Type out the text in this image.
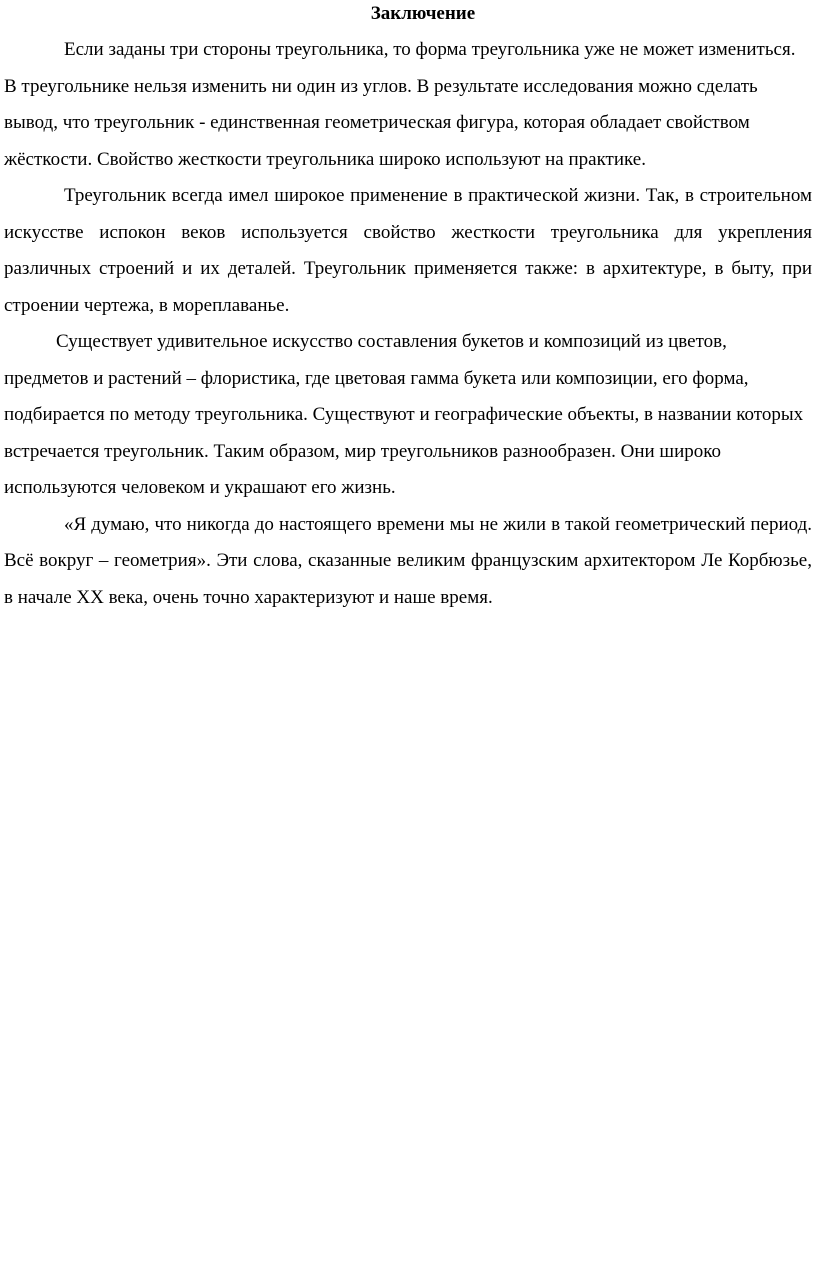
Заключение

Если заданы три стороны треугольника, то форма треугольника уже не может измениться. В треугольнике нельзя изменить ни один из углов. В результате исследования можно сделать вывод, что треугольник - единственная геометрическая фигура, которая обладает свойством жёсткости. Свойство жесткости треугольника широко используют на практике.

Треугольник всегда имел широкое применение в практической жизни. Так, в строительном искусстве испокон веков используется свойство жесткости треугольника для укрепления различных строений и их деталей. Треугольник применяется также: в архитектуре, в быту, при строении чертежа, в мореплаванье.

Существует удивительное искусство составления букетов и композиций из цветов, предметов и растений – флористика, где цветовая гамма букета или композиции, его форма, подбирается по методу треугольника. Существуют и географические объекты, в названии которых встречается треугольник. Таким образом, мир треугольников разнообразен. Они широко используются человеком и украшают его жизнь.

«Я думаю, что никогда до настоящего времени мы не жили в такой геометрический период. Всё вокруг – геометрия». Эти слова, сказанные великим французским архитектором Ле Корбюзье, в начале XX века, очень точно характеризуют и наше время.
